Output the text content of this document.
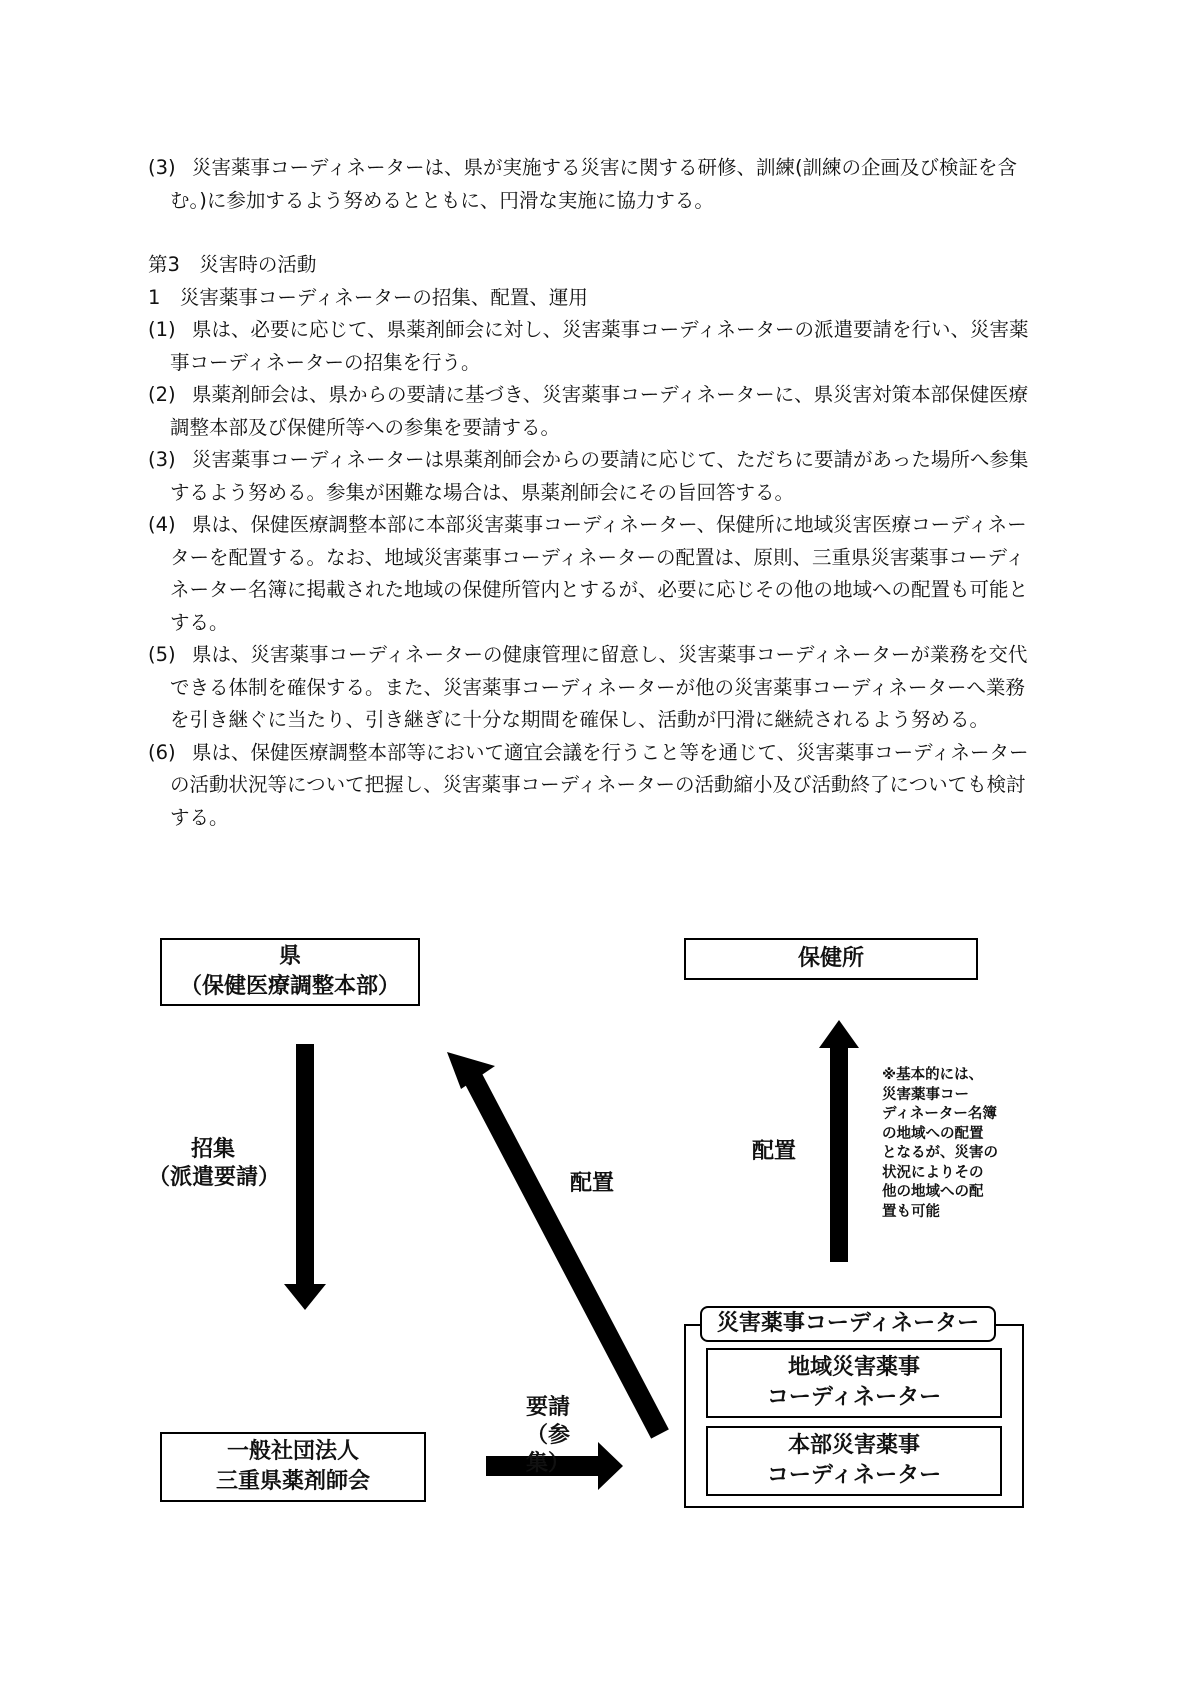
(3) 災害薬事コーディネーターは、県が実施する災害に関する研修、訓練(訓練の企画及び検証を含む。)に参加するよう努めるとともに、円滑な実施に協力する。

第3　災害時の活動

1　災害薬事コーディネーターの招集、配置、運用

(1) 県は、必要に応じて、県薬剤師会に対し、災害薬事コーディネーターの派遣要請を行い、災害薬事コーディネーターの招集を行う。

(2) 県薬剤師会は、県からの要請に基づき、災害薬事コーディネーターに、県災害対策本部保健医療調整本部及び保健所等への参集を要請する。

(3) 災害薬事コーディネーターは県薬剤師会からの要請に応じて、ただちに要請があった場所へ参集するよう努める。参集が困難な場合は、県薬剤師会にその旨回答する。

(4) 県は、保健医療調整本部に本部災害薬事コーディネーター、保健所に地域災害医療コーディネーターを配置する。なお、地域災害薬事コーディネーターの配置は、原則、三重県災害薬事コーディネーター名簿に掲載された地域の保健所管内とするが、必要に応じその他の地域への配置も可能とする。

(5) 県は、災害薬事コーディネーターの健康管理に留意し、災害薬事コーディネーターが業務を交代できる体制を確保する。また、災害薬事コーディネーターが他の災害薬事コーディネーターへ業務を引き継ぐに当たり、引き継ぎに十分な期間を確保し、活動が円滑に継続されるよう努める。

(6) 県は、保健医療調整本部等において適宜会議を行うこと等を通じて、災害薬事コーディネーターの活動状況等について把握し、災害薬事コーディネーターの活動縮小及び活動終了についても検討する。

県
（保健医療調整本部）
保健所
招集
（派遣要請）	配置
配置
※基本的には、
災害薬事コー
ディネーター名簿
の地域への配置
となるが、災害の
状況によりその
他の地域への配
置も可能
要請
（参集）
一般社団法人
三重県薬剤師会
災害薬事コーディネーター
地域災害薬事
コーディネーター
本部災害薬事
コーディネーター
